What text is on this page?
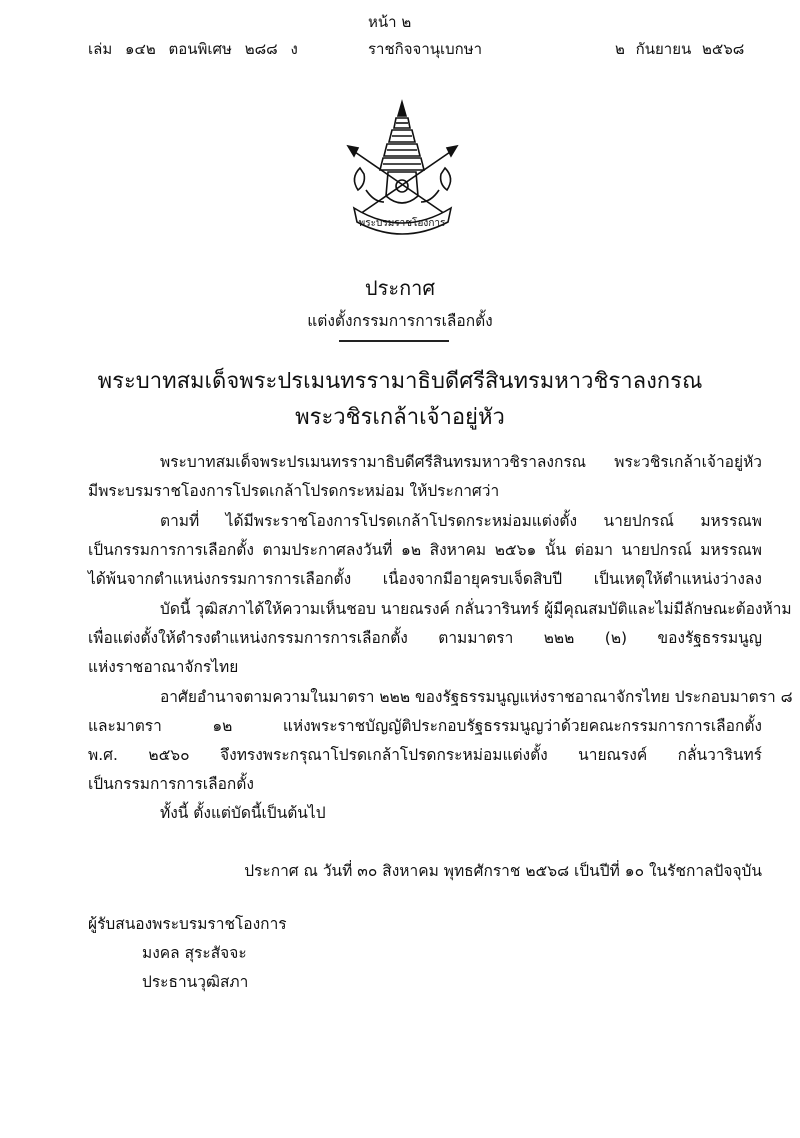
หน้า ๒
เล่ม ๑๔๒ ตอนพิเศษ ๒๘๘ ง	ราชกิจจานุเบกษา	๒ กันยายน ๒๕๖๘
พระบรมราชโองการ
ประกาศ
แต่งตั้งกรรมการการเลือกตั้ง
พระบาทสมเด็จพระปรเมนทรรามาธิบดีศรีสินทรมหาวชิราลงกรณ
พระวชิรเกล้าเจ้าอยู่หัว
พระบาทสมเด็จพระปรเมนทรรามาธิบดีศรีสินทรมหาวชิราลงกรณ พระวชิรเกล้าเจ้าอยู่หัว
มีพระบรมราชโองการโปรดเกล้าโปรดกระหม่อม ให้ประกาศว่า
ตามที่ ได้มีพระราชโองการโปรดเกล้าโปรดกระหม่อมแต่งตั้ง นายปกรณ์ มหรรณพ
เป็นกรรมการการเลือกตั้ง ตามประกาศลงวันที่ ๑๒ สิงหาคม ๒๕๖๑ นั้น ต่อมา นายปกรณ์ มหรรณพ
ได้พ้นจากตำแหน่งกรรมการการเลือกตั้ง เนื่องจากมีอายุครบเจ็ดสิบปี เป็นเหตุให้ตำแหน่งว่างลง
บัดนี้ วุฒิสภาได้ให้ความเห็นชอบ นายณรงค์ กลั่นวารินทร์ ผู้มีคุณสมบัติและไม่มีลักษณะต้องห้าม
เพื่อแต่งตั้งให้ดำรงตำแหน่งกรรมการการเลือกตั้ง ตามมาตรา ๒๒๒ (๒) ของรัฐธรรมนูญ
แห่งราชอาณาจักรไทย
อาศัยอำนาจตามความในมาตรา ๒๒๒ ของรัฐธรรมนูญแห่งราชอาณาจักรไทย ประกอบมาตรา ๘
และมาตรา ๑๒ แห่งพระราชบัญญัติประกอบรัฐธรรมนูญว่าด้วยคณะกรรมการการเลือกตั้ง
พ.ศ. ๒๕๖๐ จึงทรงพระกรุณาโปรดเกล้าโปรดกระหม่อมแต่งตั้ง นายณรงค์ กลั่นวารินทร์
เป็นกรรมการการเลือกตั้ง
ทั้งนี้ ตั้งแต่บัดนี้เป็นต้นไป
ประกาศ ณ วันที่ ๓๐ สิงหาคม พุทธศักราช ๒๕๖๘ เป็นปีที่ ๑๐ ในรัชกาลปัจจุบัน
ผู้รับสนองพระบรมราชโองการ
มงคล สุระสัจจะ
ประธานวุฒิสภา
